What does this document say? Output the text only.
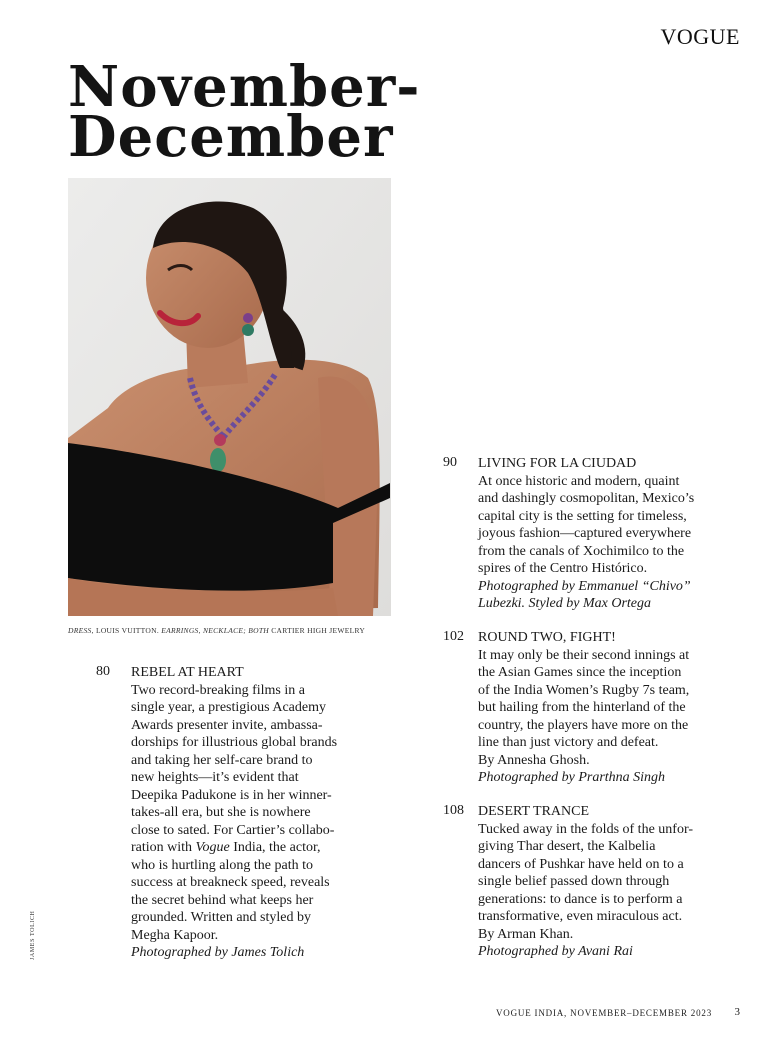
VOGUE
November-
December
DRESS, LOUIS VUITTON. EARRINGS, NECKLACE; BOTH CARTIER HIGH JEWELRY
80 REBEL AT HEART
Two record-breaking films in a
single year, a prestigious Academy
Awards presenter invite, ambassa-
dorships for illustrious global brands
and taking her self-care brand to
new heights—it’s evident that
Deepika Padukone is in her winner-
takes-all era, but she is nowhere
close to sated. For Cartier’s collabo-
ration with Vogue India, the actor,
who is hurtling along the path to
success at breakneck speed, reveals
the secret behind what keeps her
grounded. Written and styled by
Megha Kapoor.
Photographed by James Tolich
90 LIVING FOR LA CIUDAD
At once historic and modern, quaint
and dashingly cosmopolitan, Mexico’s
capital city is the setting for timeless,
joyous fashion—captured everywhere
from the canals of Xochimilco to the
spires of the Centro Histórico.
Photographed by Emmanuel “Chivo”
Lubezki. Styled by Max Ortega
102 ROUND TWO, FIGHT!
It may only be their second innings at
the Asian Games since the inception
of the India Women’s Rugby 7s team,
but hailing from the hinterland of the
country, the players have more on the
line than just victory and defeat.
By Annesha Ghosh.
Photographed by Prarthna Singh
108 DESERT TRANCE
Tucked away in the folds of the unfor-
giving Thar desert, the Kalbelia
dancers of Pushkar have held on to a
single belief passed down through
generations: to dance is to perform a
transformative, even miraculous act.
By Arman Khan.
Photographed by Avani Rai
JAMES TOLICH
VOGUE INDIA, NOVEMBER–DECEMBER 2023 3
